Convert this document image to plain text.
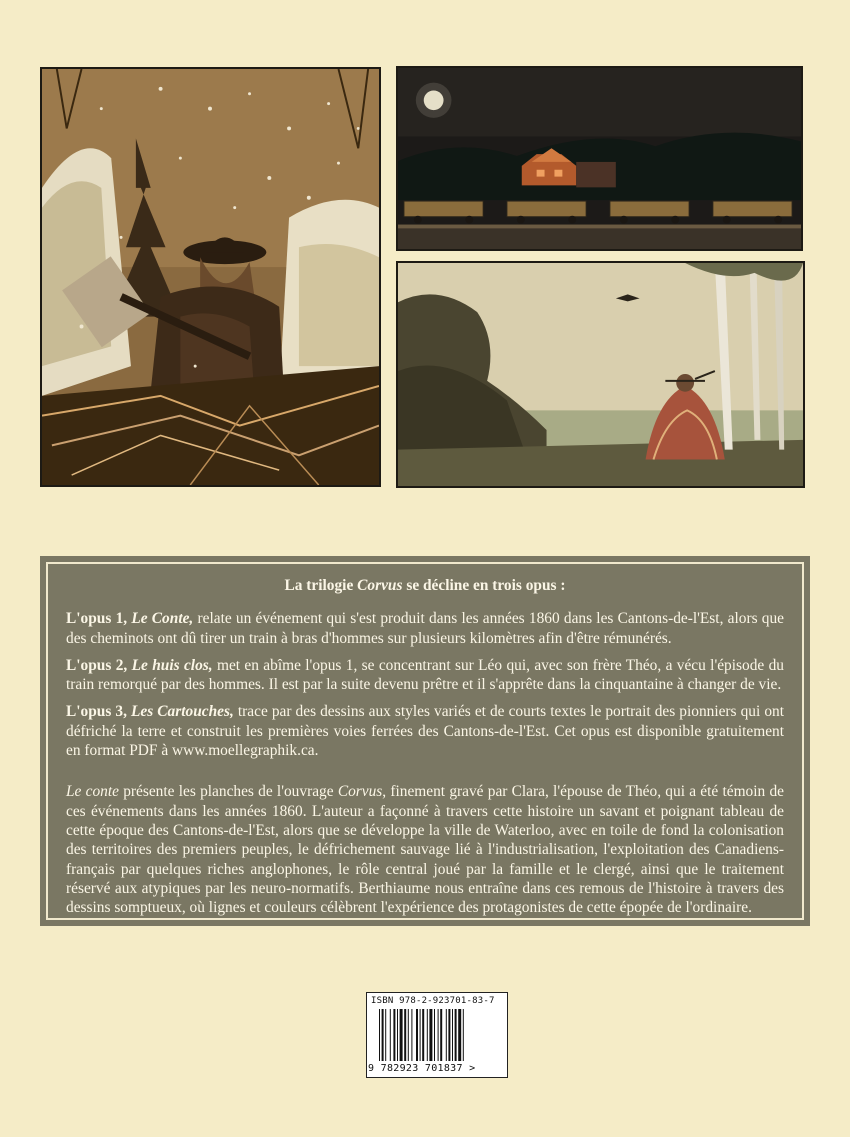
La trilogie Corvus se décline en trois opus :

L'opus 1, Le Conte, relate un événement qui s'est produit dans les années 1860 dans les Cantons-de-l'Est, alors que des cheminots ont dû tirer un train à bras d'hommes sur plusieurs kilomètres afin d'être rémunérés.

L'opus 2, Le huis clos, met en abîme l'opus 1, se concentrant sur Léo qui, avec son frère Théo, a vécu l'épisode du train remorqué par des hommes. Il est par la suite devenu prêtre et il s'apprête dans la cinquantaine à changer de vie.

L'opus 3, Les Cartouches, trace par des dessins aux styles variés et de courts textes le portrait des pionniers qui ont défriché la terre et construit les premières voies ferrées des Cantons-de-l'Est. Cet opus est disponible gratuitement en format PDF à www.moellegraphik.ca.

Le conte présente les planches de l'ouvrage Corvus, finement gravé par Clara, l'épouse de Théo, qui a été témoin de ces événements dans les années 1860. L'auteur a façonné à travers cette histoire un savant et poignant tableau de cette époque des Cantons-de-l'Est, alors que se développe la ville de Waterloo, avec en toile de fond la colonisation des territoires des premiers peuples, le défrichement sauvage lié à l'industrialisation, l'exploitation des Canadiens-français par quelques riches anglophones, le rôle central joué par la famille et le clergé, ainsi que le traitement réservé aux atypiques par les neuro-normatifs. Berthiaume nous entraîne dans ces remous de l'histoire à travers des dessins somptueux, où lignes et couleurs célèbrent l'expérience des protagonistes de cette épopée de l'ordinaire.

ISBN 978-2-923701-83-7
9 782923 701837 >
